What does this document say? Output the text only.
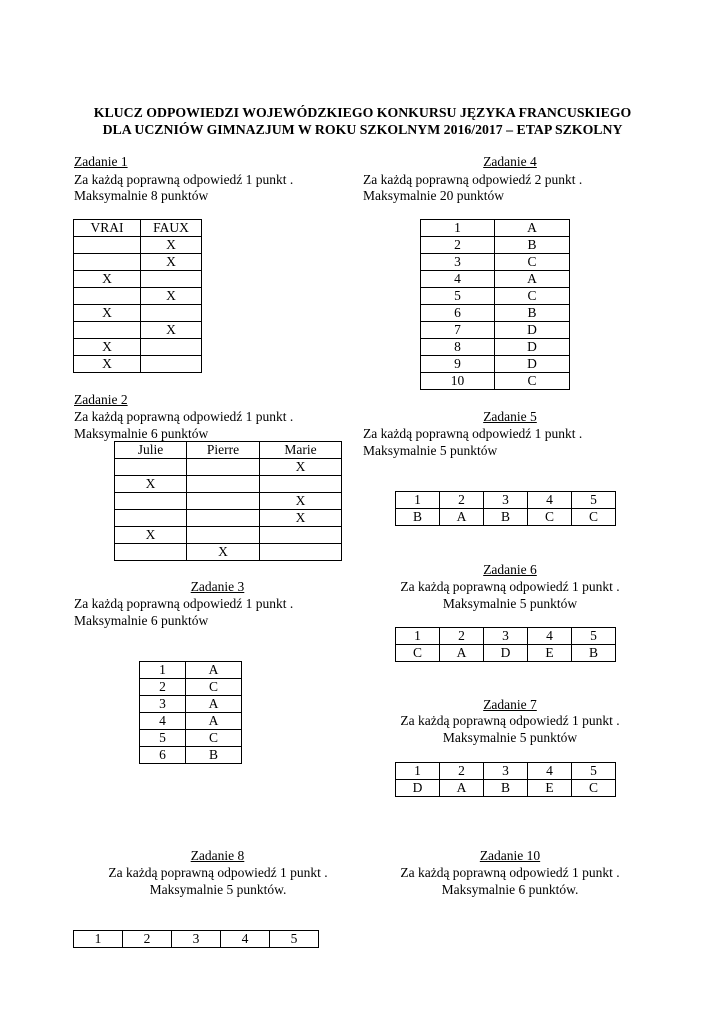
KLUCZ ODPOWIEDZI WOJEWÓDZKIEGO KONKURSU JĘZYKA FRANCUSKIEGO
DLA UCZNIÓW GIMNAZJUM W ROKU SZKOLNYM 2016/2017 – ETAP SZKOLNY
Zadanie 1
Za każdą poprawną odpowiedź 1 punkt .
Maksymalnie 8 punktów
VRAI	FAUX
	X
	X
X	
	X
X	
	X
X	
X	
Zadanie 2
Za każdą poprawną odpowiedź 1 punkt .
Maksymalnie 6 punktów
Julie	Pierre	Marie
		X
X		
		X
		X
X		
	X	
Zadanie 3
Za każdą poprawną odpowiedź 1 punkt .
Maksymalnie 6 punktów
1	A
2	C
3	A
4	A
5	C
6	B
Zadanie 4
Za każdą poprawną odpowiedź 2 punkt .
Maksymalnie 20 punktów
1	A
2	B
3	C
4	A
5	C
6	B
7	D
8	D
9	D
10	C
Zadanie 5
Za każdą poprawną odpowiedź 1 punkt .
Maksymalnie 5 punktów
1	2	3	4	5
B	A	B	C	C
Zadanie 6
Za każdą poprawną odpowiedź 1 punkt .
Maksymalnie 5 punktów
1	2	3	4	5
C	A	D	E	B
Zadanie 7
Za każdą poprawną odpowiedź 1 punkt .
Maksymalnie 5 punktów
1	2	3	4	5
D	A	B	E	C
Zadanie 8
Za każdą poprawną odpowiedź 1 punkt .
Maksymalnie 5 punktów.
1	2	3	4	5
Zadanie 10
Za każdą poprawną odpowiedź 1 punkt .
Maksymalnie 6 punktów.
